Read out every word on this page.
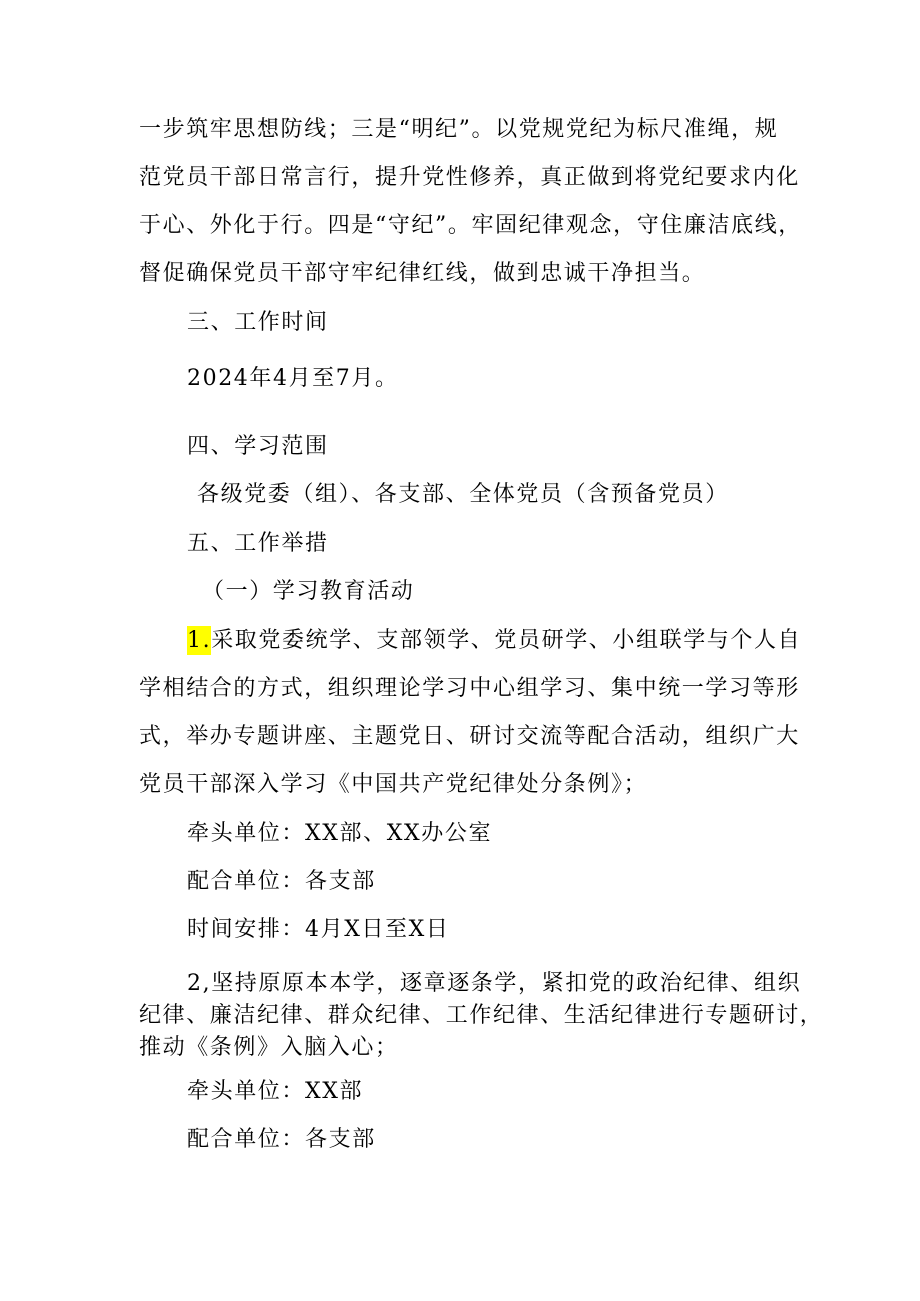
一步筑牢思想防线；三是“明纪”。以党规党纪为标尺准绳，规
范党员干部日常言行，提升党性修养，真正做到将党纪要求内化
于心、外化于行。四是“守纪”。牢固纪律观念，守住廉洁底线，
督促确保党员干部守牢纪律红线，做到忠诚干净担当。
三、工作时间
2024年4月至7月。
四、学习范围
各级党委（组）、各支部、全体党员（含预备党员）
五、工作举措
（一）学习教育活动
1.采取党委统学、支部领学、党员研学、小组联学与个人自
学相结合的方式，组织理论学习中心组学习、集中统一学习等形
式，举办专题讲座、主题党日、研讨交流等配合活动，组织广大
党员干部深入学习《中国共产党纪律处分条例》；
牵头单位：XX部、XX办公室
配合单位：各支部
时间安排：4月X日至X日
2,坚持原原本本学，逐章逐条学，紧扣党的政治纪律、组织
纪律、廉洁纪律、群众纪律、工作纪律、生活纪律进行专题研讨，
推动《条例》入脑入心；
牵头单位：XX部
配合单位：各支部
